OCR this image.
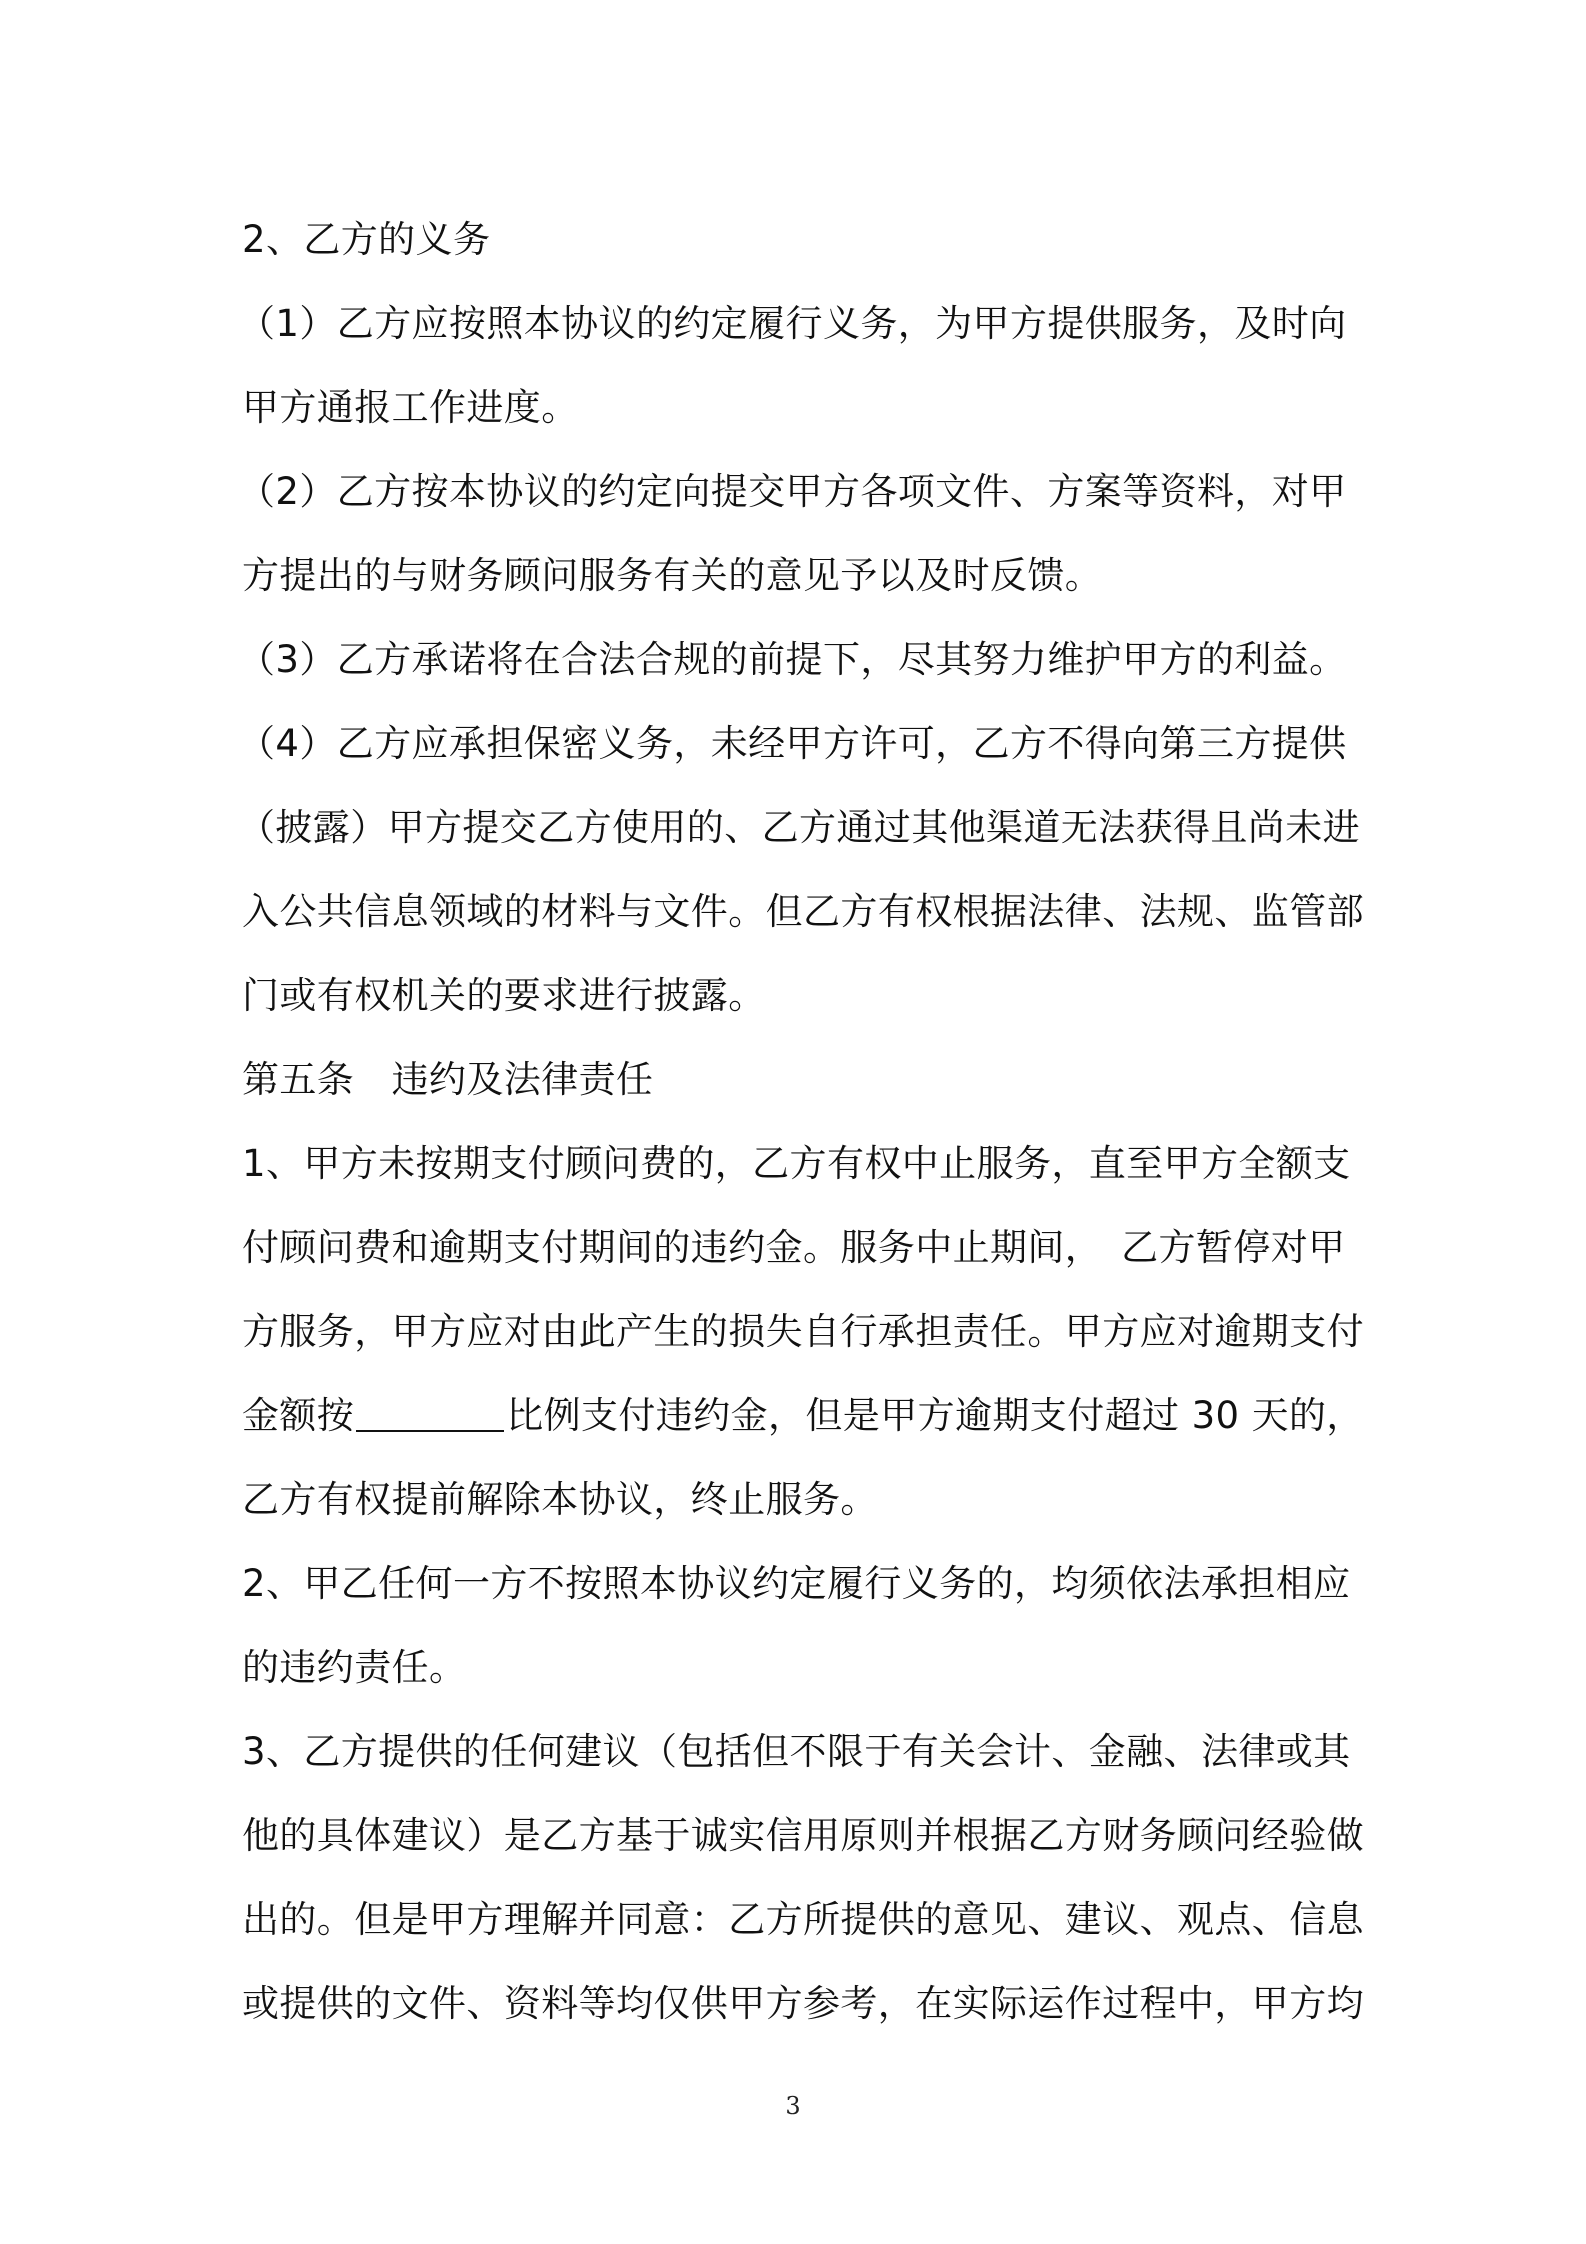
2、乙方的义务
（1）乙方应按照本协议的约定履行义务，为甲方提供服务，及时向
甲方通报工作进度。
（2）乙方按本协议的约定向提交甲方各项文件、方案等资料，对甲
方提出的与财务顾问服务有关的意见予以及时反馈。
（3）乙方承诺将在合法合规的前提下，尽其努力维护甲方的利益。
（4）乙方应承担保密义务，未经甲方许可，乙方不得向第三方提供
（披露）甲方提交乙方使用的、乙方通过其他渠道无法获得且尚未进
入公共信息领域的材料与文件。但乙方有权根据法律、法规、监管部
门或有权机关的要求进行披露。
第五条　违约及法律责任
1、甲方未按期支付顾问费的，乙方有权中止服务，直至甲方全额支
付顾问费和逾期支付期间的违约金。服务中止期间，　乙方暂停对甲
方服务，甲方应对由此产生的损失自行承担责任。甲方应对逾期支付
金额按	比例支付违约金，但是甲方逾期支付超过 30 天的，
乙方有权提前解除本协议，终止服务。
2、甲乙任何一方不按照本协议约定履行义务的，均须依法承担相应
的违约责任。
3、乙方提供的任何建议（包括但不限于有关会计、金融、法律或其
他的具体建议）是乙方基于诚实信用原则并根据乙方财务顾问经验做
出的。但是甲方理解并同意：乙方所提供的意见、建议、观点、信息
或提供的文件、资料等均仅供甲方参考，在实际运作过程中，甲方均
3
